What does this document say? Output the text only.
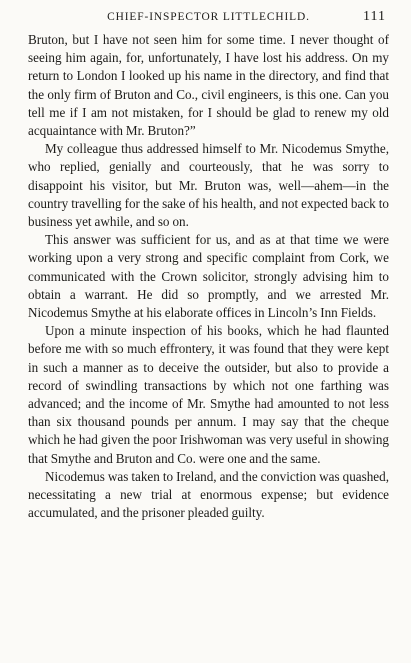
CHIEF-INSPECTOR LITTLECHILD.	111

Bruton, but I have not seen him for some time. I never thought of seeing him again, for, unfortunately, I have lost his address. On my return to London I looked up his name in the directory, and find that the only firm of Bruton and Co., civil engineers, is this one. Can you tell me if I am not mistaken, for I should be glad to renew my old acquaintance with Mr. Bruton?”

My colleague thus addressed himself to Mr. Nicodemus Smythe, who replied, genially and courteously, that he was sorry to disappoint his visitor, but Mr. Bruton was, well—ahem—in the country travelling for the sake of his health, and not expected back to business yet awhile, and so on.

This answer was sufficient for us, and as at that time we were working upon a very strong and specific complaint from Cork, we communicated with the Crown solicitor, strongly advising him to obtain a warrant. He did so promptly, and we arrested Mr. Nicodemus Smythe at his elaborate offices in Lincoln’s Inn Fields.

Upon a minute inspection of his books, which he had flaunted before me with so much effrontery, it was found that they were kept in such a manner as to deceive the outsider, but also to provide a record of swindling transactions by which not one farthing was advanced; and the income of Mr. Smythe had amounted to not less than six thousand pounds per annum. I may say that the cheque which he had given the poor Irishwoman was very useful in showing that Smythe and Bruton and Co. were one and the same.

Nicodemus was taken to Ireland, and the conviction was quashed, necessitating a new trial at enormous expense; but evidence accumulated, and the prisoner pleaded guilty.
